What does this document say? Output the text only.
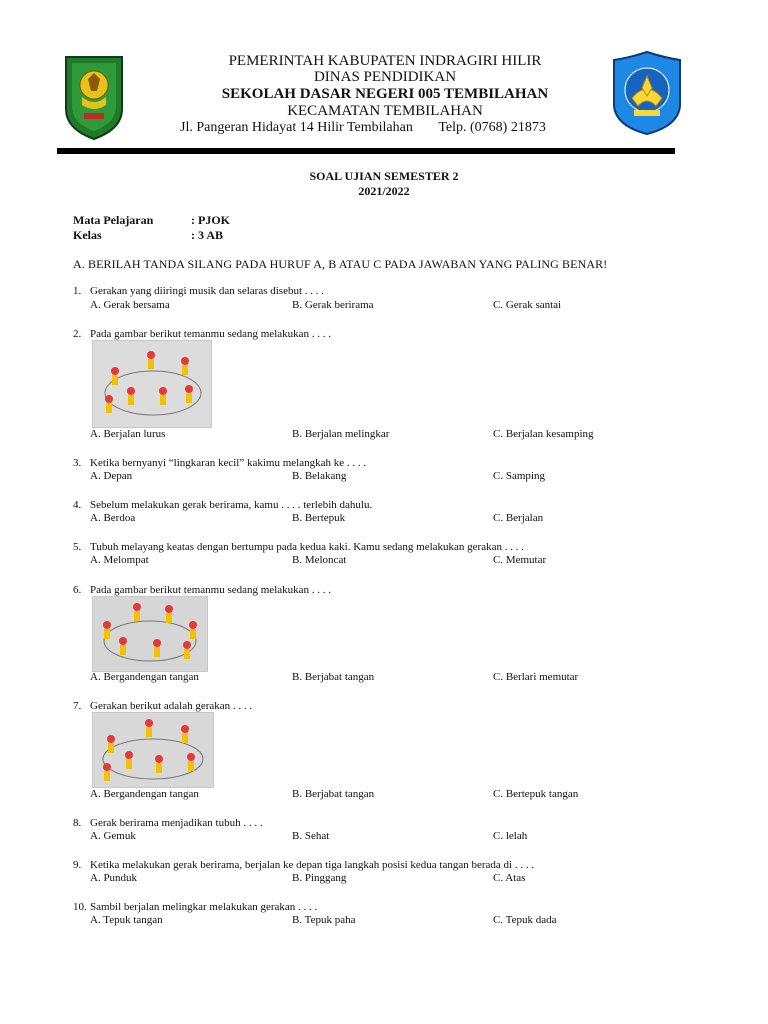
PEMERINTAH KABUPATEN INDRAGIRI HILIR
DINAS PENDIDIKAN
SEKOLAH DASAR NEGERI 005 TEMBILAHAN
KECAMATAN TEMBILAHAN
Jl. Pangeran Hidayat 14 Hilir Tembilahan Telp. (0768) 21873
SOAL UJIAN SEMESTER 2
2021/2022
Mata Pelajaran	: PJOK
Kelas	: 3 AB
A. BERILAH TANDA SILANG PADA HURUF A, B ATAU C PADA JAWABAN YANG PALING BENAR!
1. Gerakan yang diiringi musik dan selaras disebut . . . .
A. Gerak bersama	B. Gerak berirama	C. Gerak santai
2. Pada gambar berikut temanmu sedang melakukan . . . .
A. Berjalan lurus	B. Berjalan melingkar	C. Berjalan kesamping
3. Ketika bernyanyi “lingkaran kecil” kakimu melangkah ke . . . .
A. Depan	B. Belakang	C. Samping
4. Sebelum melakukan gerak berirama, kamu . . . . terlebih dahulu.
A. Berdoa	B. Bertepuk	C. Berjalan
5. Tubuh melayang keatas dengan bertumpu pada kedua kaki. Kamu sedang melakukan gerakan . . . .
A. Melompat	B. Meloncat	C. Memutar
6. Pada gambar berikut temanmu sedang melakukan . . . .
A. Bergandengan tangan	B. Berjabat tangan	C. Berlari memutar
7. Gerakan berikut adalah gerakan . . . .
A. Bergandengan tangan	B. Berjabat tangan	C. Bertepuk tangan
8. Gerak berirama menjadikan tubuh . . . .
A. Gemuk	B. Sehat	C. lelah
9. Ketika melakukan gerak berirama, berjalan ke depan tiga langkah posisi kedua tangan berada di . . . .
A. Punduk	B. Pinggang	C. Atas
10. Sambil berjalan melingkar melakukan gerakan . . . .
A. Tepuk tangan	B. Tepuk paha	C. Tepuk dada
